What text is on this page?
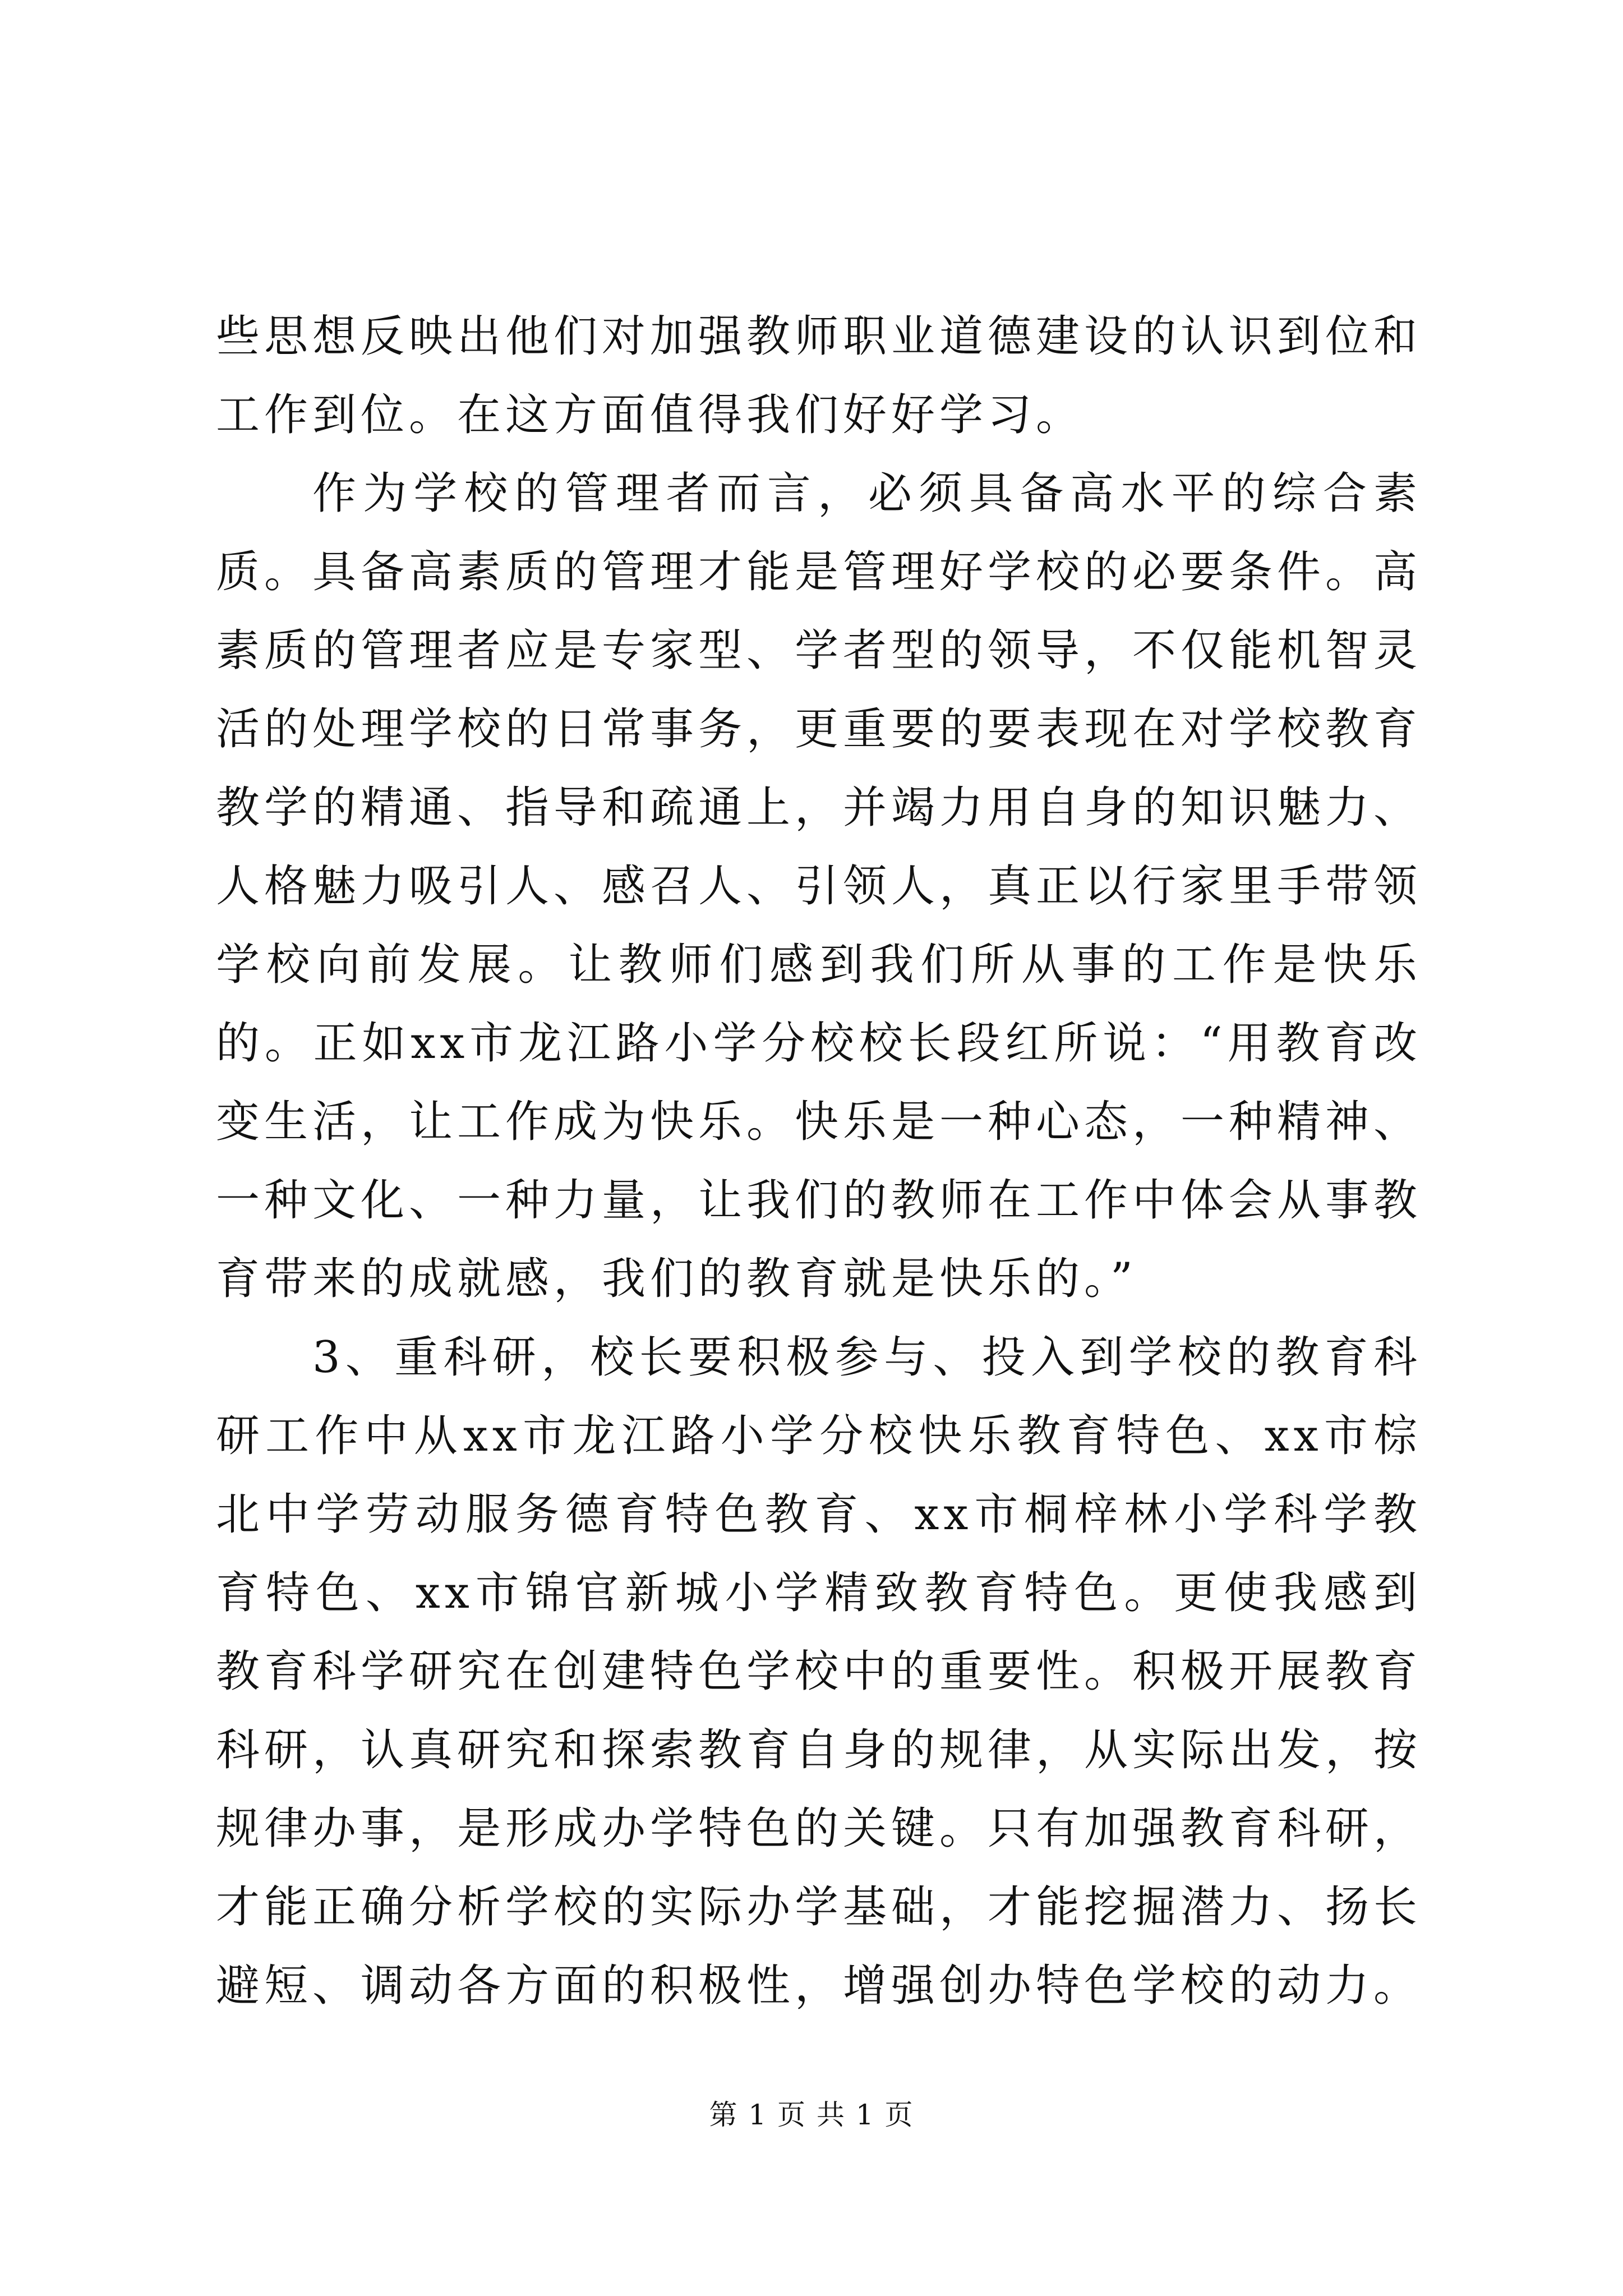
些思想反映出他们对加强教师职业道德建设的认识到位和工作到位。在这方面值得我们好好学习。

作为学校的管理者而言，必须具备高水平的综合素质。具备高素质的管理才能是管理好学校的必要条件。高素质的管理者应是专家型、学者型的领导，不仅能机智灵活的处理学校的日常事务，更重要的要表现在对学校教育教学的精通、指导和疏通上，并竭力用自身的知识魅力、人格魅力吸引人、感召人、引领人，真正以行家里手带领学校向前发展。让教师们感到我们所从事的工作是快乐的。正如xx市龙江路小学分校校长段红所说：“用教育改变生活，让工作成为快乐。快乐是一种心态，一种精神、一种文化、一种力量，让我们的教师在工作中体会从事教育带来的成就感，我们的教育就是快乐的。”

3、重科研，校长要积极参与、投入到学校的教育科研工作中从xx市龙江路小学分校快乐教育特色、xx市棕北中学劳动服务德育特色教育、xx市桐梓林小学科学教育特色、xx市锦官新城小学精致教育特色。更使我感到教育科学研究在创建特色学校中的重要性。积极开展教育科研，认真研究和探索教育自身的规律，从实际出发，按规律办事，是形成办学特色的关键。只有加强教育科研，才能正确分析学校的实际办学基础，才能挖掘潜力、扬长避短、调动各方面的积极性，增强创办特色学校的动力。

第 1 页 共 1 页
